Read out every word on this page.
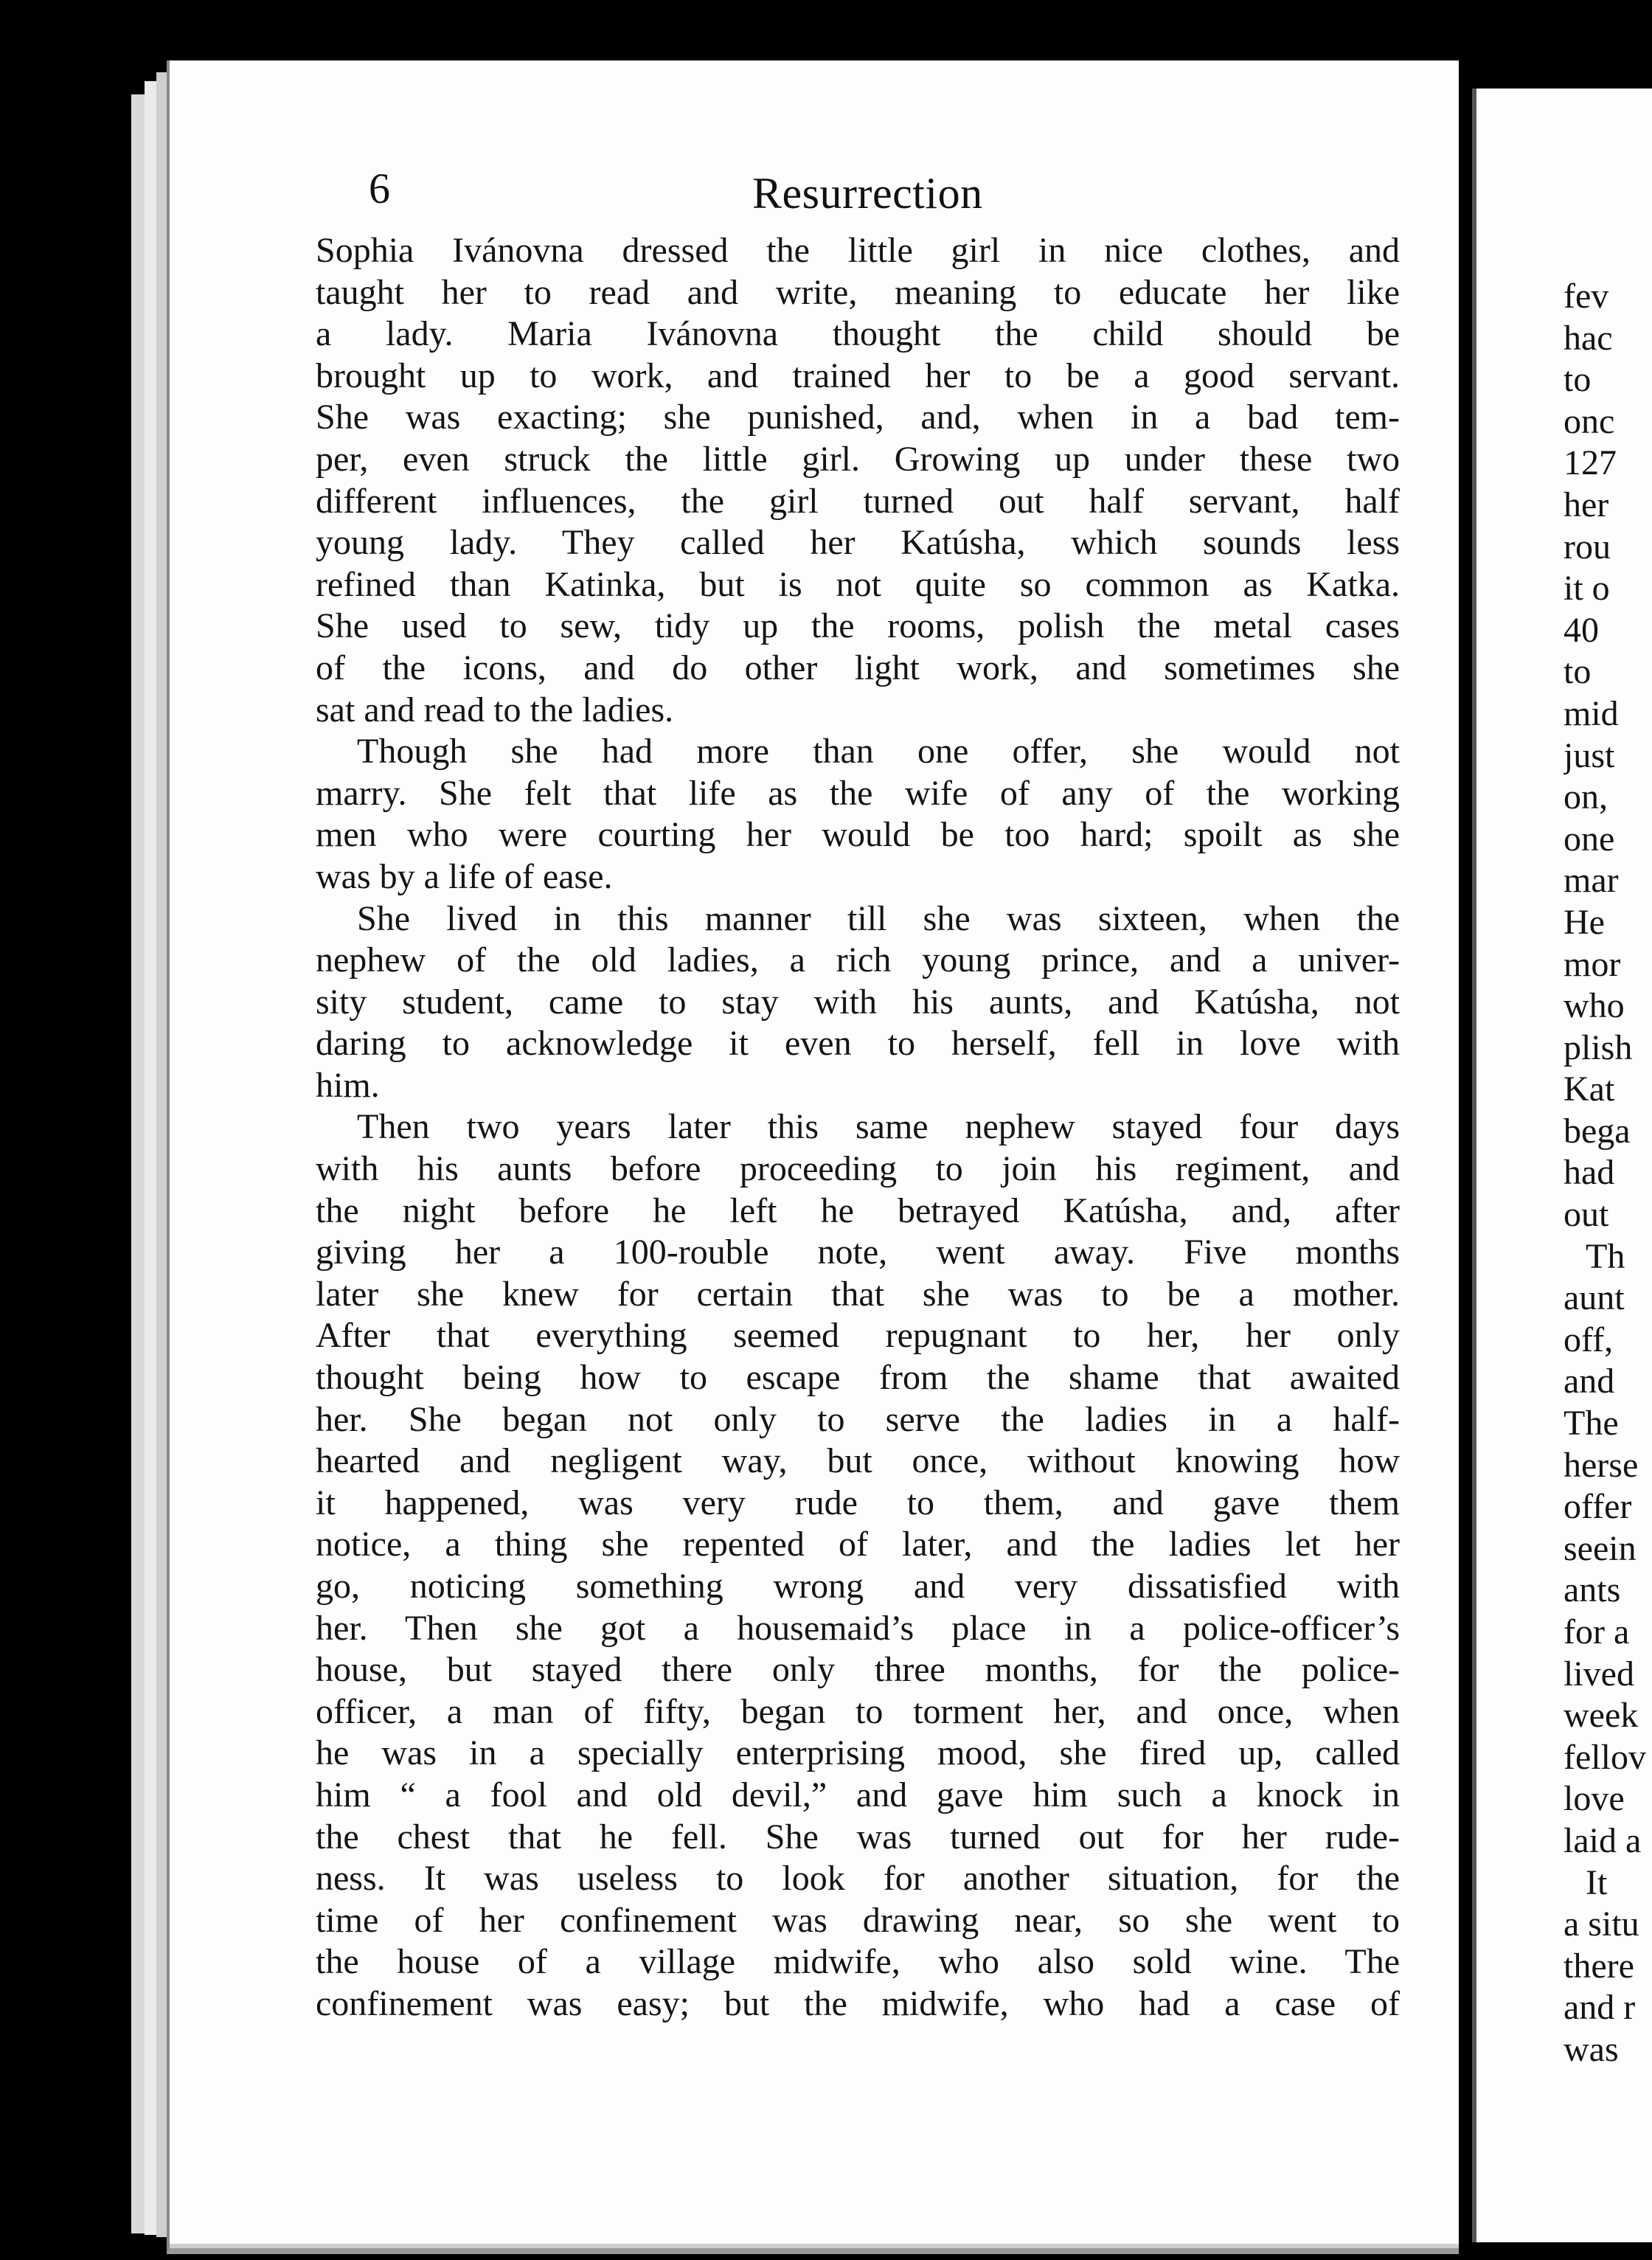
6	Resurrection
Sophia Ivánovna dressed the little girl in nice clothes, and
taught her to read and write, meaning to educate her like
a lady. Maria Ivánovna thought the child should be
brought up to work, and trained her to be a good servant.
She was exacting; she punished, and, when in a bad tem-
per, even struck the little girl. Growing up under these two
different influences, the girl turned out half servant, half
young lady. They called her Katúsha, which sounds less
refined than Katinka, but is not quite so common as Katka.
She used to sew, tidy up the rooms, polish the metal cases
of the icons, and do other light work, and sometimes she
sat and read to the ladies.
Though she had more than one offer, she would not
marry. She felt that life as the wife of any of the working
men who were courting her would be too hard; spoilt as she
was by a life of ease.
She lived in this manner till she was sixteen, when the
nephew of the old ladies, a rich young prince, and a univer-
sity student, came to stay with his aunts, and Katúsha, not
daring to acknowledge it even to herself, fell in love with
him.
Then two years later this same nephew stayed four days
with his aunts before proceeding to join his regiment, and
the night before he left he betrayed Katúsha, and, after
giving her a 100-rouble note, went away. Five months
later she knew for certain that she was to be a mother.
After that everything seemed repugnant to her, her only
thought being how to escape from the shame that awaited
her. She began not only to serve the ladies in a half-
hearted and negligent way, but once, without knowing how
it happened, was very rude to them, and gave them
notice, a thing she repented of later, and the ladies let her
go, noticing something wrong and very dissatisfied with
her. Then she got a housemaid’s place in a police-officer’s
house, but stayed there only three months, for the police-
officer, a man of fifty, began to torment her, and once, when
he was in a specially enterprising mood, she fired up, called
him “ a fool and old devil,” and gave him such a knock in
the chest that he fell. She was turned out for her rude-
ness. It was useless to look for another situation, for the
time of her confinement was drawing near, so she went to
the house of a village midwife, who also sold wine. The
confinement was easy; but the midwife, who had a case of
fev
hac
to
onc
127
her
rou
it o
40
to
mid
just
on,
one
mar
He
mor
who
plish
Kat
bega
had
out
Th
aunt
off,
and
The
herse
offer
seein
ants
for a
lived
week
fellov
love
laid a
It
a situ
there
and r
was
